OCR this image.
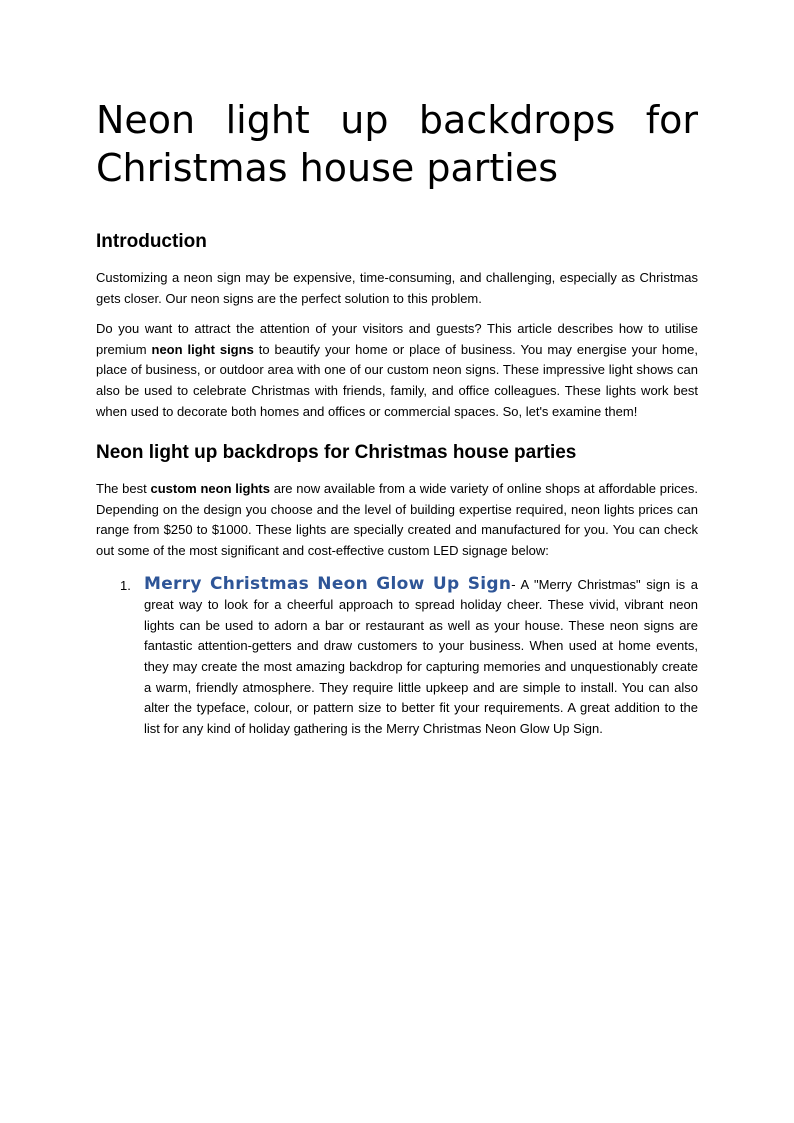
Neon light up backdrops for
Christmas house parties
Introduction

Customizing a neon sign may be expensive, time-consuming, and challenging, especially as Christmas gets closer. Our neon signs are the perfect solution to this problem.

Do you want to attract the attention of your visitors and guests? This article describes how to utilise premium neon light signs to beautify your home or place of business. You may energise your home, place of business, or outdoor area with one of our custom neon signs. These impressive light shows can also be used to celebrate Christmas with friends, family, and office colleagues. These lights work best when used to decorate both homes and offices or commercial spaces. So, let's examine them!

Neon light up backdrops for Christmas house parties

The best custom neon lights are now available from a wide variety of online shops at affordable prices. Depending on the design you choose and the level of building expertise required, neon lights prices can range from $250 to $1000. These lights are specially created and manufactured for you. You can check out some of the most significant and cost-effective custom LED signage below:

1. Merry Christmas Neon Glow Up Sign- A "Merry Christmas" sign is a great way to look for a cheerful approach to spread holiday cheer. These vivid, vibrant neon lights can be used to adorn a bar or restaurant as well as your house. These neon signs are fantastic attention-getters and draw customers to your business. When used at home events, they may create the most amazing backdrop for capturing memories and unquestionably create a warm, friendly atmosphere. They require little upkeep and are simple to install. You can also alter the typeface, colour, or pattern size to better fit your requirements. A great addition to the list for any kind of holiday gathering is the Merry Christmas Neon Glow Up Sign.
